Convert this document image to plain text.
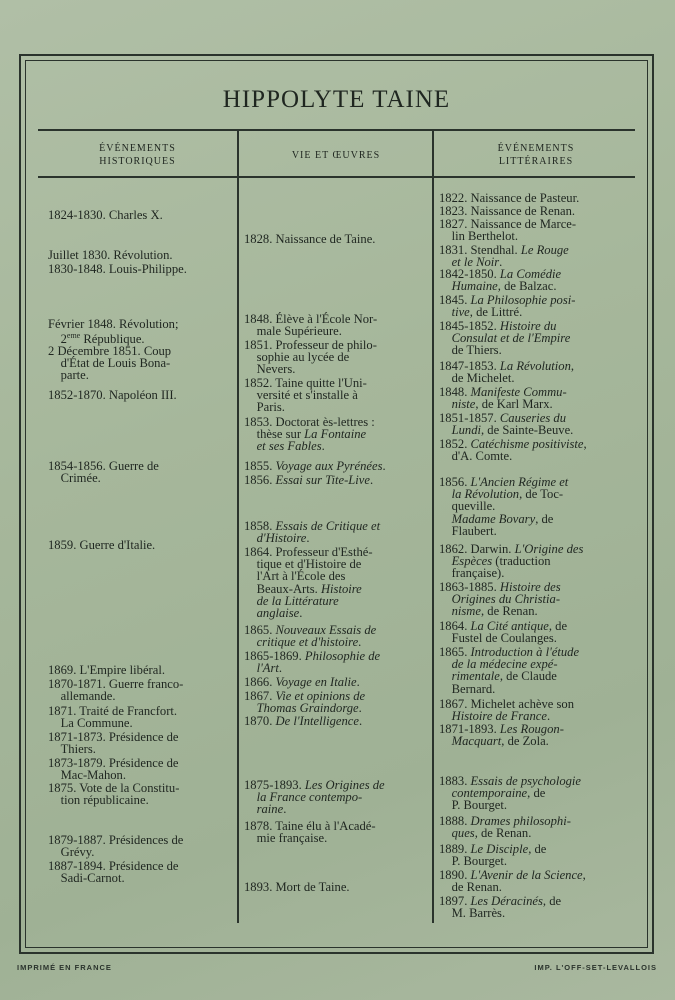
HIPPOLYTE TAINE
ÉVÉNEMENTS
HISTORIQUES
VIE ET ŒUVRES
ÉVÉNEMENTS
LITTÉRAIRES
1824-1830. Charles X.
Juillet 1830. Révolution.
1830-1848. Louis-Philippe.
Février 1848. Révolution;
2eme République.
2 Décembre 1851. Coup
d'État de Louis Bona-
parte.
1852-1870. Napoléon III.
1854-1856. Guerre de
Crimée.
1859. Guerre d'Italie.
1869. L'Empire libéral.
1870-1871. Guerre franco-
allemande.
1871. Traité de Francfort.
La Commune.
1871-1873. Présidence de
Thiers.
1873-1879. Présidence de
Mac-Mahon.
1875. Vote de la Constitu-
tion républicaine.
1879-1887. Présidences de
Grévy.
1887-1894. Présidence de
Sadi-Carnot.
1828. Naissance de Taine.
1848. Élève à l'École Nor-
male Supérieure.
1851. Professeur de philo-
sophie au lycée de
Nevers.
1852. Taine quitte l'Uni-
versité et s'installe à
Paris.
1853. Doctorat ès-lettres :
thèse sur La Fontaine
et ses Fables.
1855. Voyage aux Pyrénées.
1856. Essai sur Tite-Live.
1858. Essais de Critique et
d'Histoire.
1864. Professeur d'Esthé-
tique et d'Histoire de
l'Art à l'École des
Beaux-Arts. Histoire
de la Littérature
anglaise.
1865. Nouveaux Essais de
critique et d'histoire.
1865-1869. Philosophie de
l'Art.
1866. Voyage en Italie.
1867. Vie et opinions de
Thomas Graindorge.
1870. De l'Intelligence.
1875-1893. Les Origines de
la France contempo-
raine.
1878. Taine élu à l'Acadé-
mie française.
1893. Mort de Taine.
1822. Naissance de Pasteur.
1823. Naissance de Renan.
1827. Naissance de Marce-
lin Berthelot.
1831. Stendhal. Le Rouge
et le Noir.
1842-1850. La Comédie
Humaine, de Balzac.
1845. La Philosophie posi-
tive, de Littré.
1845-1852. Histoire du
Consulat et de l'Empire
de Thiers.
1847-1853. La Révolution,
de Michelet.
1848. Manifeste Commu-
niste, de Karl Marx.
1851-1857. Causeries du
Lundi, de Sainte-Beuve.
1852. Catéchisme positiviste,
d'A. Comte.
1856. L'Ancien Régime et
la Révolution, de Toc-
queville.
Madame Bovary, de
Flaubert.
1862. Darwin. L'Origine des
Espèces (traduction
française).
1863-1885. Histoire des
Origines du Christia-
nisme, de Renan.
1864. La Cité antique, de
Fustel de Coulanges.
1865. Introduction à l'étude
de la médecine expé-
rimentale, de Claude
Bernard.
1867. Michelet achève son
Histoire de France.
1871-1893. Les Rougon-
Macquart, de Zola.
1883. Essais de psychologie
contemporaine, de
P. Bourget.
1888. Drames philosophi-
ques, de Renan.
1889. Le Disciple, de
P. Bourget.
1890. L'Avenir de la Science,
de Renan.
1897. Les Déracinés, de
M. Barrès.
IMPRIMÉ EN FRANCE	IMP. L'OFF-SET-LEVALLOIS
